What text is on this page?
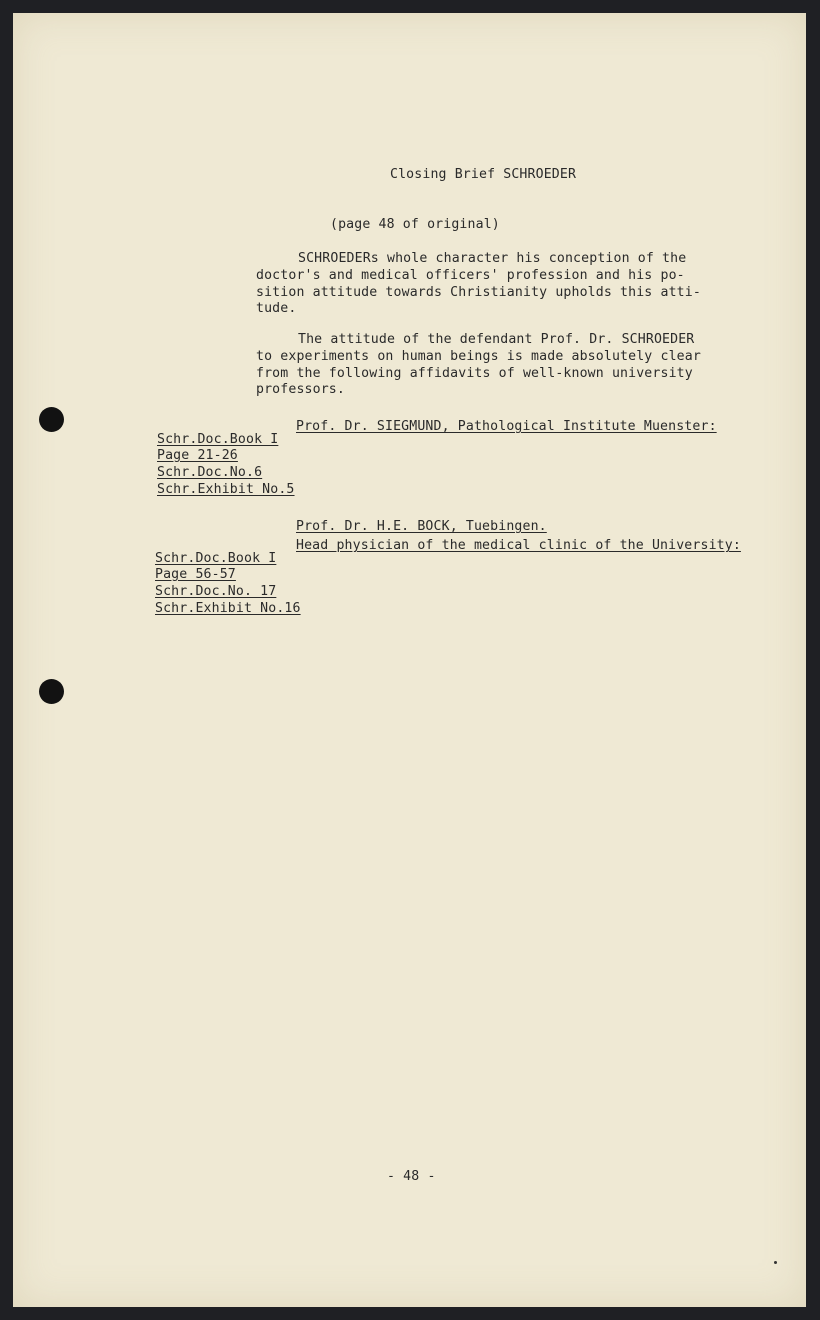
Closing Brief SCHROEDER
(page 48 of original)
SCHROEDERs whole character his conception of the
doctor's and medical officers' profession and his po-
sition attitude towards Christianity upholds this atti-
tude.
The attitude of the defendant Prof. Dr. SCHROEDER
to experiments on human beings is made absolutely clear
from the following affidavits of well-known university
professors.
Prof. Dr. SIEGMUND, Pathological Institute Muenster:
Schr.Doc.Book I
Page 21-26
Schr.Doc.No.6
Schr.Exhibit No.5
Prof. Dr. H.E. BOCK, Tuebingen.
Head physician of the medical clinic of the University:
Schr.Doc.Book I
Page 56-57
Schr.Doc.No. 17
Schr.Exhibit No.16
- 48 -
